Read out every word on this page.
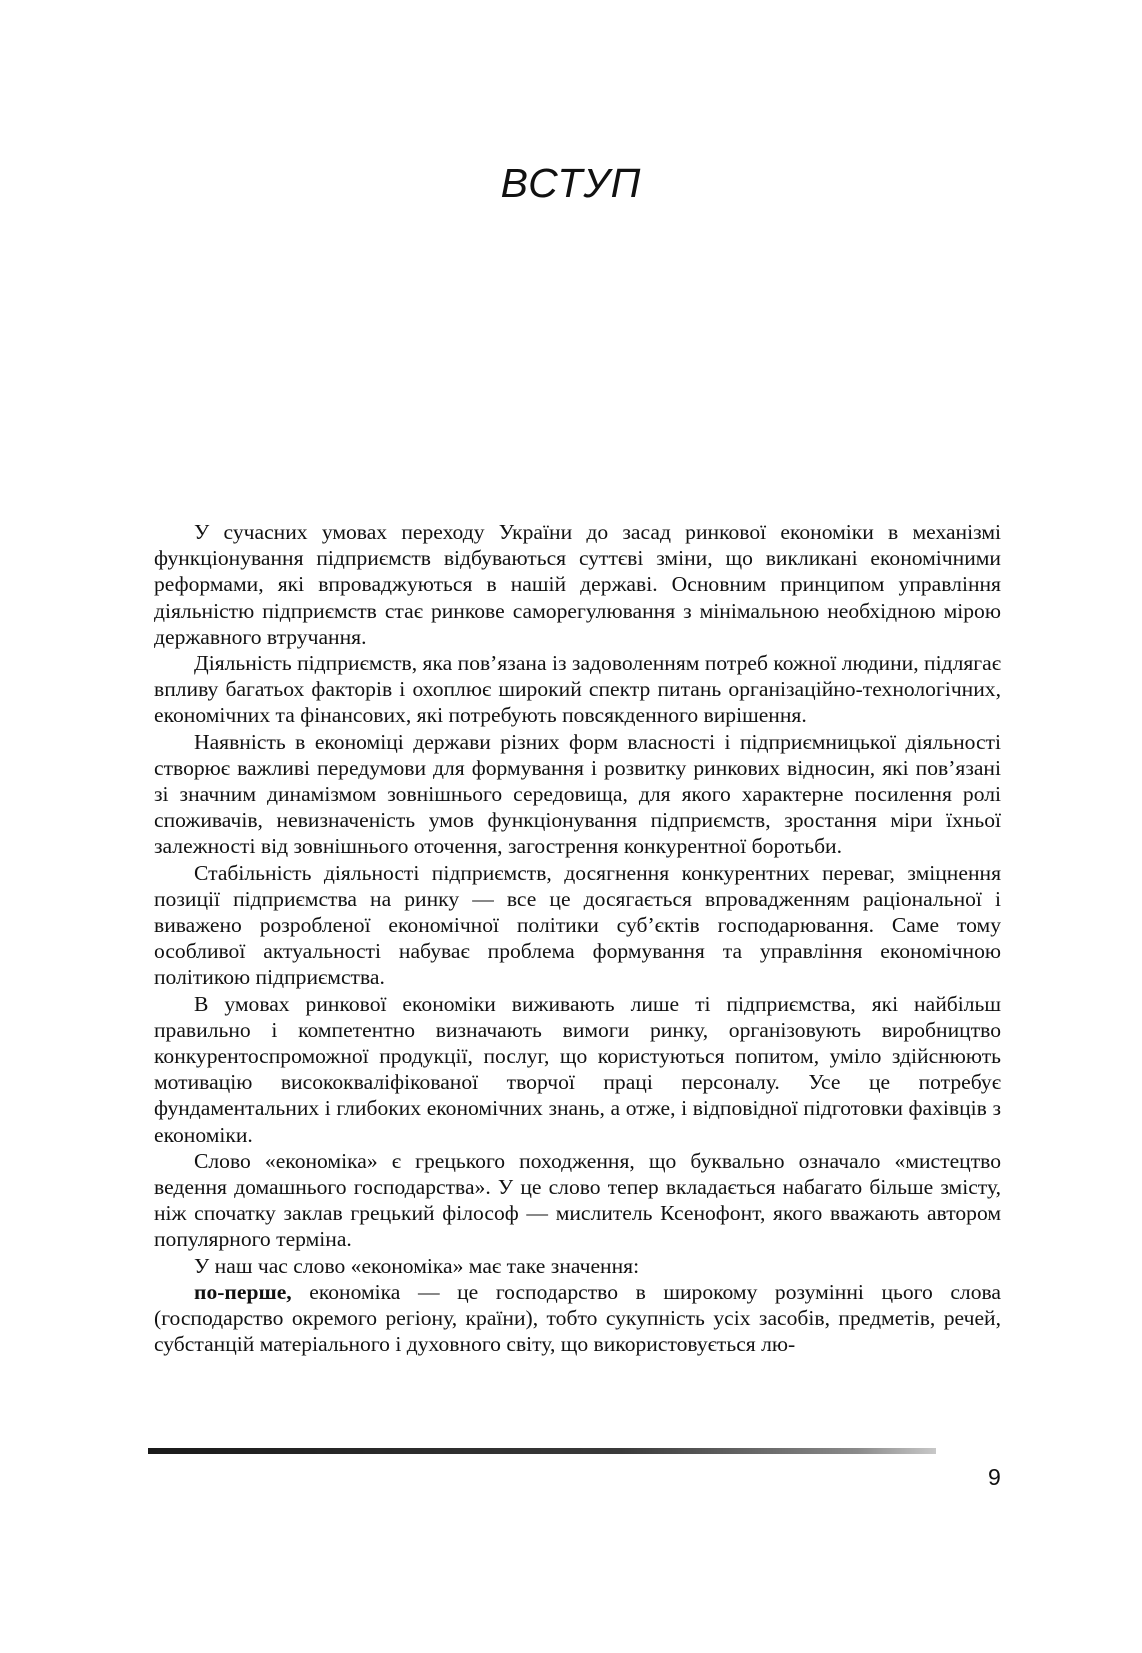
ВСТУП

У сучасних умовах переходу України до засад ринкової економіки в механізмі функціонування підприємств відбуваються суттєві зміни, що викликані економічними реформами, які впроваджуються в нашій державі. Основним принципом управління діяльністю підприємств стає ринкове саморегулювання з мінімальною необхідною мірою державного втручання.

Діяльність підприємств, яка пов’язана із задоволенням потреб кожної людини, підлягає впливу багатьох факторів і охоплює широкий спектр питань організаційно-технологічних, економічних та фінансових, які потребують повсякденного вирішення.

Наявність в економіці держави різних форм власності і підприємницької діяльності створює важливі передумови для формування і розвитку ринкових відносин, які пов’язані зі значним динамізмом зовнішнього середовища, для якого характерне посилення ролі споживачів, невизначеність умов функціонування підприємств, зростання міри їхньої залежності від зовнішнього оточення, загострення конкурентної боротьби.

Стабільність діяльності підприємств, досягнення конкурентних переваг, зміцнення позиції підприємства на ринку — все це досягається впровадженням раціональної і виважено розробленої економічної політики суб’єктів господарювання. Саме тому особливої актуальності набуває проблема формування та управління економічною політикою підприємства.

В умовах ринкової економіки виживають лише ті підприємства, які найбільш правильно і компетентно визначають вимоги ринку, організовують виробництво конкурентоспроможної продукції, послуг, що користуються попитом, уміло здійснюють мотивацію висококваліфікованої творчої праці персоналу. Усе це потребує фундаментальних і глибоких економічних знань, а отже, і відповідної підготовки фахівців з економіки.

Слово «економіка» є грецького походження, що буквально означало «мистецтво ведення домашнього господарства». У це слово тепер вкладається набагато більше змісту, ніж спочатку заклав грецький філософ — мислитель Ксенофонт, якого вважають автором популярного терміна.

У наш час слово «економіка» має таке значення:

по-перше, економіка — це господарство в широкому розумінні цього слова (господарство окремого регіону, країни), тобто сукупність усіх засобів, предметів, речей, субстанцій матеріального і духовного світу, що використовується лю-

9
